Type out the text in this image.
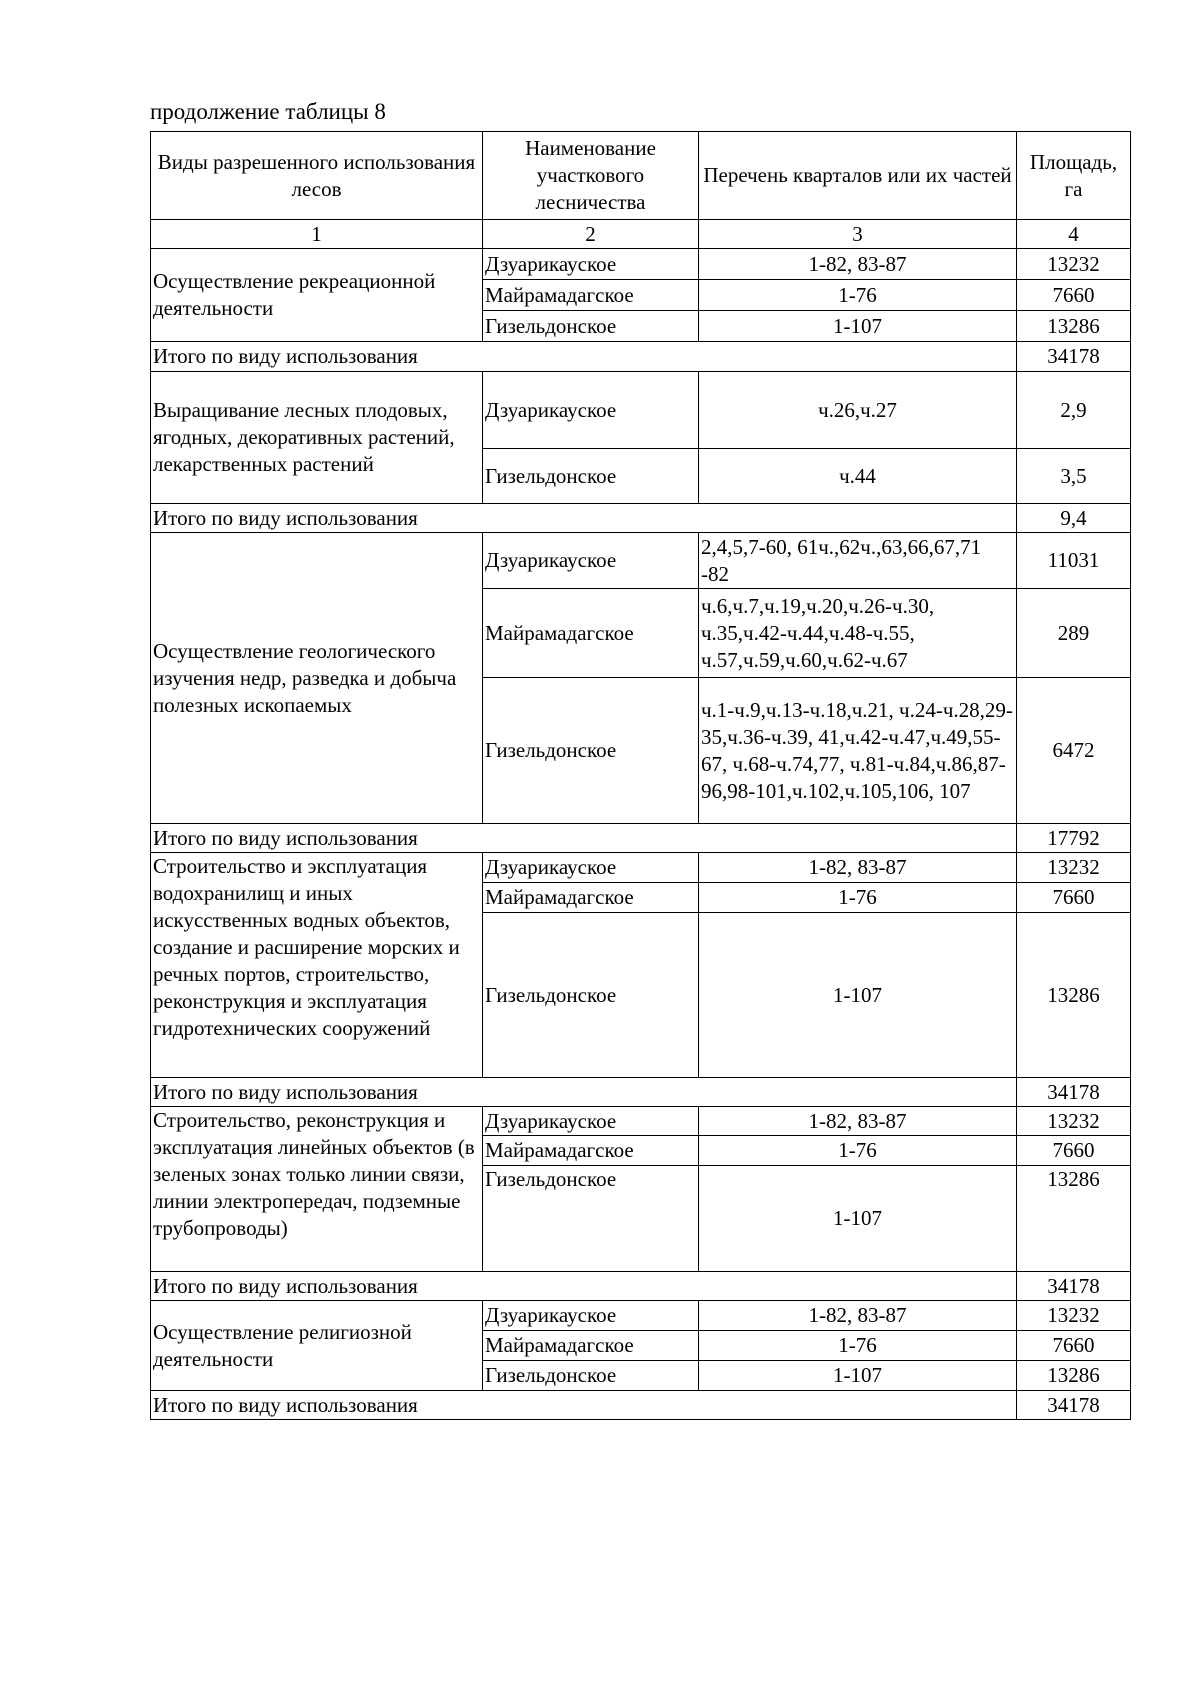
продолжение таблицы 8
Виды разрешенного использования лесов	Наименование участкового лесничества	Перечень кварталов или их частей	Площадь, га
1	2	3	4
Осуществление рекреационной деятельности	Дзуарикауское	1-82, 83-87	13232
	Майрамадагское	1-76	7660
	Гизельдонское	1-107	13286
Итого по виду использования			34178
Выращивание лесных плодовых, ягодных, декоративных растений, лекарственных растений	Дзуарикауское	ч.26,ч.27	2,9
	Гизельдонское	ч.44	3,5
Итого по виду использования			9,4
Осуществление геологического изучения недр, разведка и добыча полезных ископаемых	Дзуарикауское	2,4,5,7-60, 61ч.,62ч.,63,66,67,71 -82	11031
	Майрамадагское	ч.6,ч.7,ч.19,ч.20,ч.26-ч.30, ч.35,ч.42-ч.44,ч.48-ч.55, ч.57,ч.59,ч.60,ч.62-ч.67	289
	Гизельдонское	ч.1-ч.9,ч.13-ч.18,ч.21, ч.24-ч.28,29-35,ч.36-ч.39, 41,ч.42-ч.47,ч.49,55-67, ч.68-ч.74,77, ч.81-ч.84,ч.86,87-96,98-101,ч.102,ч.105,106, 107	6472
Итого по виду использования			17792
Строительство и эксплуатация водохранилищ и иных искусственных водных объектов, создание и расширение морских и речных портов, строительство, реконструкция и эксплуатация гидротехнических сооружений	Дзуарикауское	1-82, 83-87	13232
	Майрамадагское	1-76	7660
	Гизельдонское	1-107	13286
Итого по виду использования			34178
Строительство, реконструкция и эксплуатация линейных объектов (в зеленых зонах только линии связи, линии электропередач, подземные трубопроводы)	Дзуарикауское	1-82, 83-87	13232
	Майрамадагское	1-76	7660
	Гизельдонское	1-107	13286
Итого по виду использования			34178
Осуществление религиозной деятельности	Дзуарикауское	1-82, 83-87	13232
	Майрамадагское	1-76	7660
	Гизельдонское	1-107	13286
Итого по виду использования			34178
